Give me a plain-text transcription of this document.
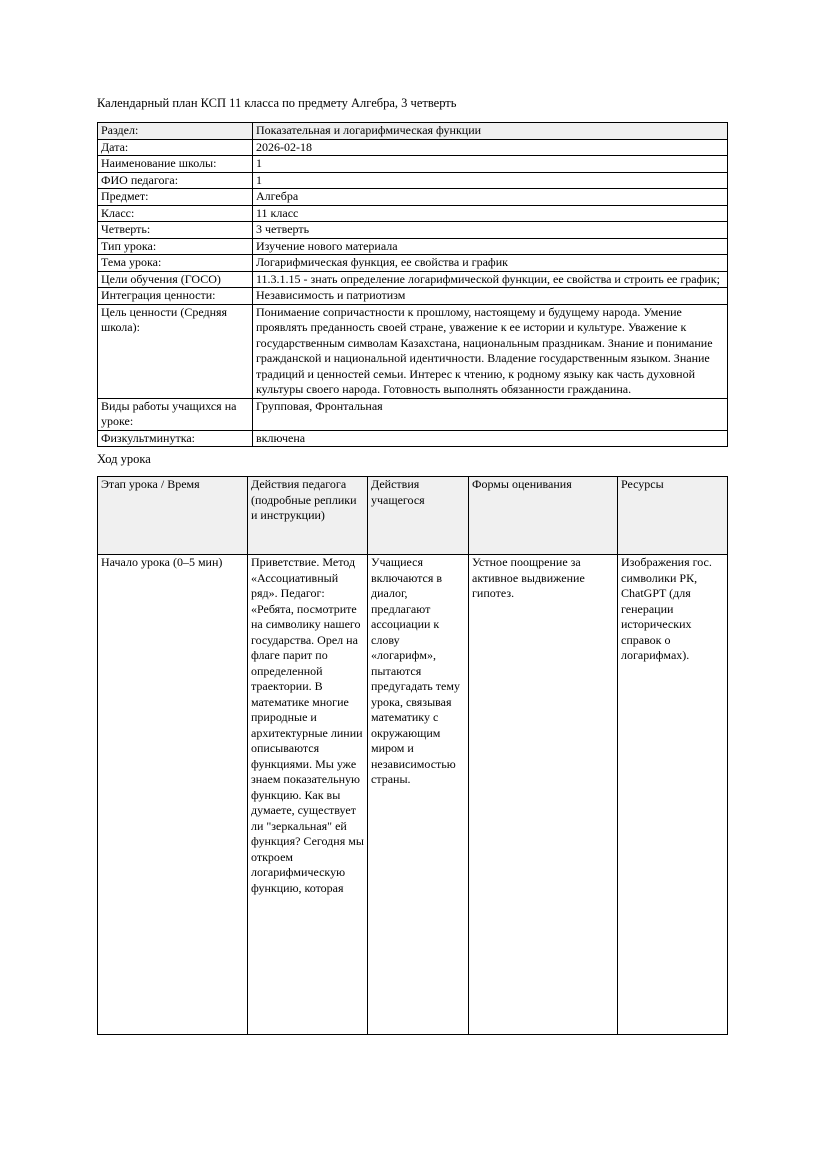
Календарный план КСП 11 класса по предмету Алгебра, 3 четверть

Раздел:	Показательная и логарифмическая функции
Дата:	2026-02-18
Наименование школы:	1
ФИО педагога:	1
Предмет:	Алгебра
Класс:	11 класс
Четверть:	3 четверть
Тип урока:	Изучение нового материала
Тема урока:	Логарифмическая функция, ее свойства и график
Цели обучения (ГОСО)	11.3.1.15 - знать определение логарифмической функции, ее свойства и строить ее график;
Интеграция ценности:	Независимость и патриотизм
Цель ценности (Средняя школа):	Понимаение сопричастности к прошлому, настоящему и будущему народа. Умение проявлять преданность своей стране, уважение к ее истории и культуре. Уважение к государственным символам Казахстана, национальным праздникам. Знание и понимание гражданской и национальной идентичности. Владение государственным языком. Знание традиций и ценностей семьи. Интерес к чтению, к родному языку как часть духовной культуры своего народа. Готовность выполнять обязанности гражданина.
Виды работы учащихся на уроке:	Групповая, Фронтальная
Физкультминутка:	включена

Ход урока

Этап урока / Время	Действия педагога (подробные реплики и инструкции)	Действия учащегося	Формы оценивания	Ресурсы

Начало урока (0–5 мин)	Приветствие. Метод «Ассоциативный ряд». Педагог: «Ребята, посмотрите на символику нашего государства. Орел на флаге парит по определенной траектории. В математике многие природные и архитектурные линии описываются функциями. Мы уже знаем показательную функцию. Как вы думаете, существует ли "зеркальная" ей функция? Сегодня мы откроем логарифмическую функцию, которая	Учащиеся включаются в диалог, предлагают ассоциации к слову «логарифм», пытаются предугадать тему урока, связывая математику с окружающим миром и независимостью страны.	Устное поощрение за активное выдвижение гипотез.	Изображения гос. символики РК, ChatGPT (для генерации исторических справок о логарифмах).
